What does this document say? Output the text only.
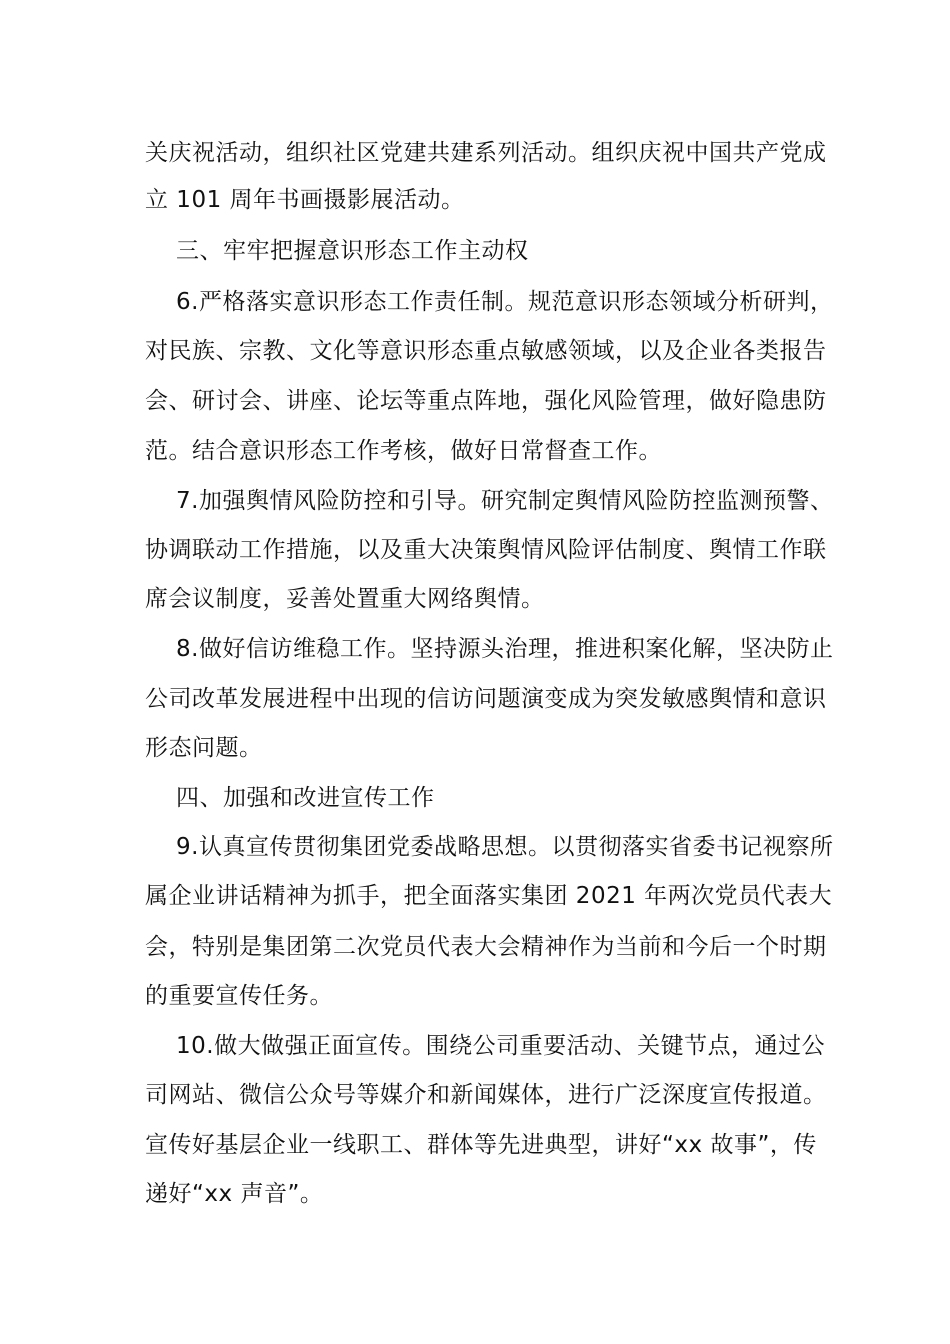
关庆祝活动，组织社区党建共建系列活动。组织庆祝中国共产党成
立 101 周年书画摄影展活动。
三、牢牢把握意识形态工作主动权
6.严格落实意识形态工作责任制。规范意识形态领域分析研判，
对民族、宗教、文化等意识形态重点敏感领域，以及企业各类报告
会、研讨会、讲座、论坛等重点阵地，强化风险管理，做好隐患防
范。结合意识形态工作考核，做好日常督查工作。
7.加强舆情风险防控和引导。研究制定舆情风险防控监测预警、
协调联动工作措施，以及重大决策舆情风险评估制度、舆情工作联
席会议制度，妥善处置重大网络舆情。
8.做好信访维稳工作。坚持源头治理，推进积案化解，坚决防止
公司改革发展进程中出现的信访问题演变成为突发敏感舆情和意识
形态问题。
四、加强和改进宣传工作
9.认真宣传贯彻集团党委战略思想。以贯彻落实省委书记视察所
属企业讲话精神为抓手，把全面落实集团 2021 年两次党员代表大
会，特别是集团第二次党员代表大会精神作为当前和今后一个时期
的重要宣传任务。
10.做大做强正面宣传。围绕公司重要活动、关键节点，通过公
司网站、微信公众号等媒介和新闻媒体，进行广泛深度宣传报道。
宣传好基层企业一线职工、群体等先进典型，讲好“xx 故事”，传
递好“xx 声音”。
